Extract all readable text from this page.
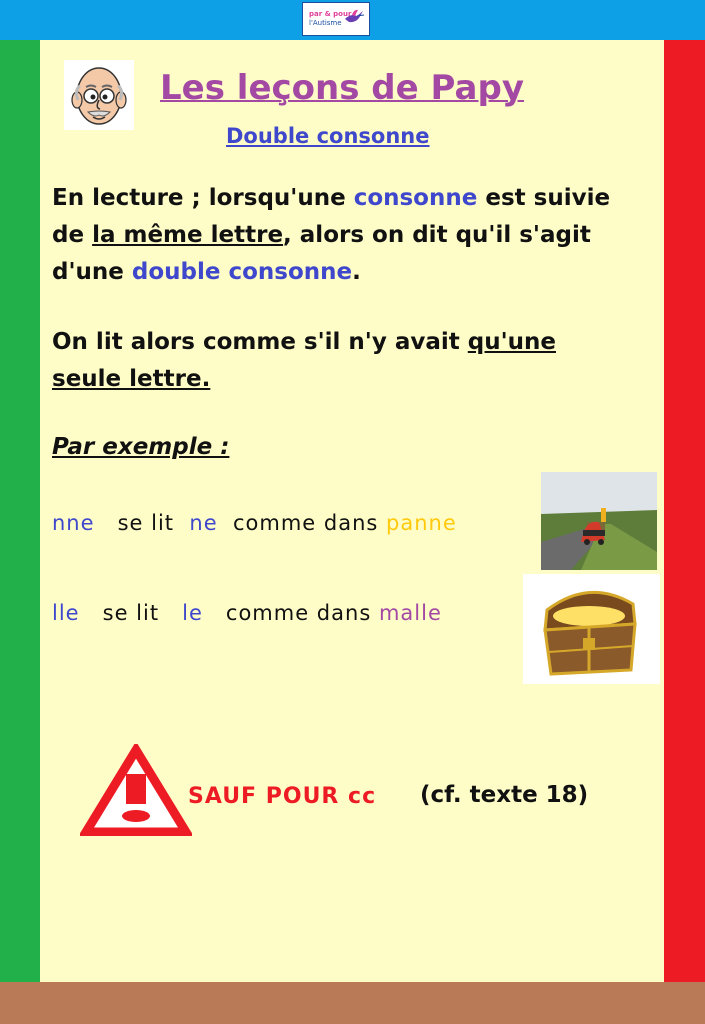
par & pour
l'Autisme
Les leçons de Papy
Double consonne
En lecture ; lorsqu'une consonne est suivie
de la même lettre, alors on dit qu'il s'agit
d'une double consonne.
On lit alors comme s'il n'y avait qu'une
seule lettre.
Par exemple :
nne se lit ne comme dans panne
lle se lit le comme dans malle
SAUF POUR cc (cf. texte 18)
